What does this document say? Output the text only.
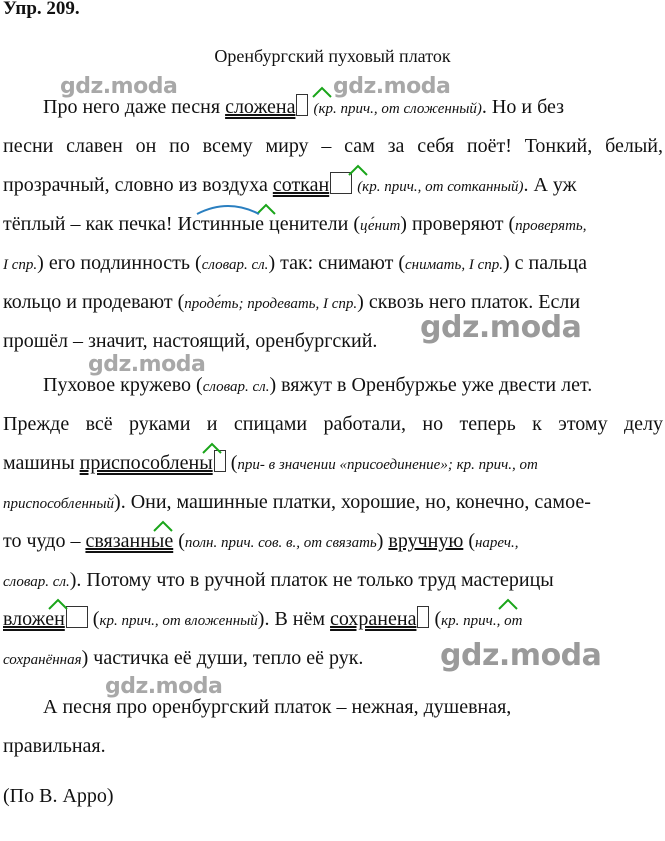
Упр. 209.
Оренбургский пуховый платок
gdz.moda	gdz.moda
gdz.moda
gdz.moda
gdz.moda
gdz.moda
Про него даже песня сложена (кр. прич., от сложенный). Но и без
песни славен он по всему миру – сам за себя поёт! Тонкий, белый,
прозрачный, словно из воздуха соткан (кр. прич., от сотканный). А уж
тёплый – как печка! Истинные ценители (це́нит) проверяют (проверять,
I спр.) его подлинность (словар. сл.) так: снимают (снимать, I спр.) с пальца
кольцо и продевают (проде́ть; продевать, I спр.) сквозь него платок. Если
прошёл – значит, настоящий, оренбургский.
Пуховое кружево (словар. сл.) вяжут в Оренбуржье уже двести лет.
Прежде всё руками и спицами работали, но теперь к этому делу
машины приспособлены (при- в значении «присоединение»; кр. прич., от
приспособленный). Они, машинные платки, хорошие, но, конечно, самое-
то чудо – связанные (полн. прич. сов. в., от связать) вручную (нареч.,
словар. сл.). Потому что в ручной платок не только труд мастерицы
вложен (кр. прич., от вложенный). В нём сохранена (кр. прич., от
сохранённая) частичка её души, тепло её рук.
А песня про оренбургский платок – нежная, душевная,
правильная.
(По В. Арро)
